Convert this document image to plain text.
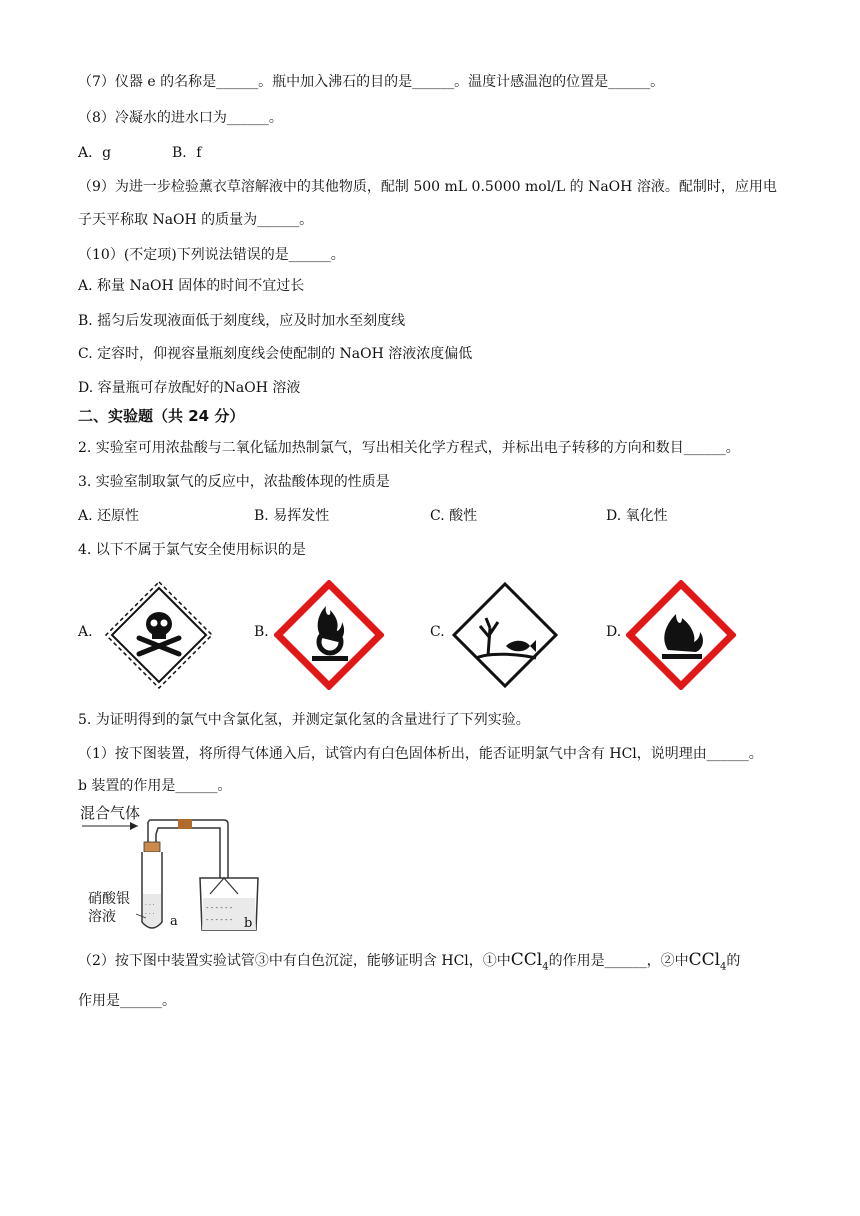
（7）仪器 e 的名称是______。瓶中加入沸石的目的是______。温度计感温泡的位置是______。
（8）冷凝水的进水口为______。
A．g	B．f
（9）为进一步检验薰衣草溶解液中的其他物质，配制 500 mL 0.5000 mol/L 的 NaOH 溶液。配制时，应用电
子天平称取 NaOH 的质量为______。
（10）(不定项)下列说法错误的是______。
A. 称量 NaOH 固体的时间不宜过长
B. 摇匀后发现液面低于刻度线，应及时加水至刻度线
C. 定容时，仰视容量瓶刻度线会使配制的 NaOH 溶液浓度偏低
D. 容量瓶可存放配好的NaOH 溶液
二、实验题（共 24 分）
2. 实验室可用浓盐酸与二氧化锰加热制氯气，写出相关化学方程式，并标出电子转移的方向和数目______。
3. 实验室制取氯气的反应中，浓盐酸体现的性质是
A. 还原性	B. 易挥发性	C. 酸性	D. 氧化性
4. 以下不属于氯气安全使用标识的是
A.	B.	C.	D.
5. 为证明得到的氯气中含氯化氢，并测定氯化氢的含量进行了下列实验。
（1）按下图装置，将所得气体通入后，试管内有白色固体析出，能否证明氯气中含有 HCl，说明理由______。
b 装置的作用是______。
· · ·
· · ·
- - - - - -
- - - - - -
混合气体
硝酸银
溶液	a	b
（2）按下图中装置实验试管③中有白色沉淀，能够证明含 HCl，①中CCl$_4$的作用是______，②中CCl$_4$的
作用是______。
